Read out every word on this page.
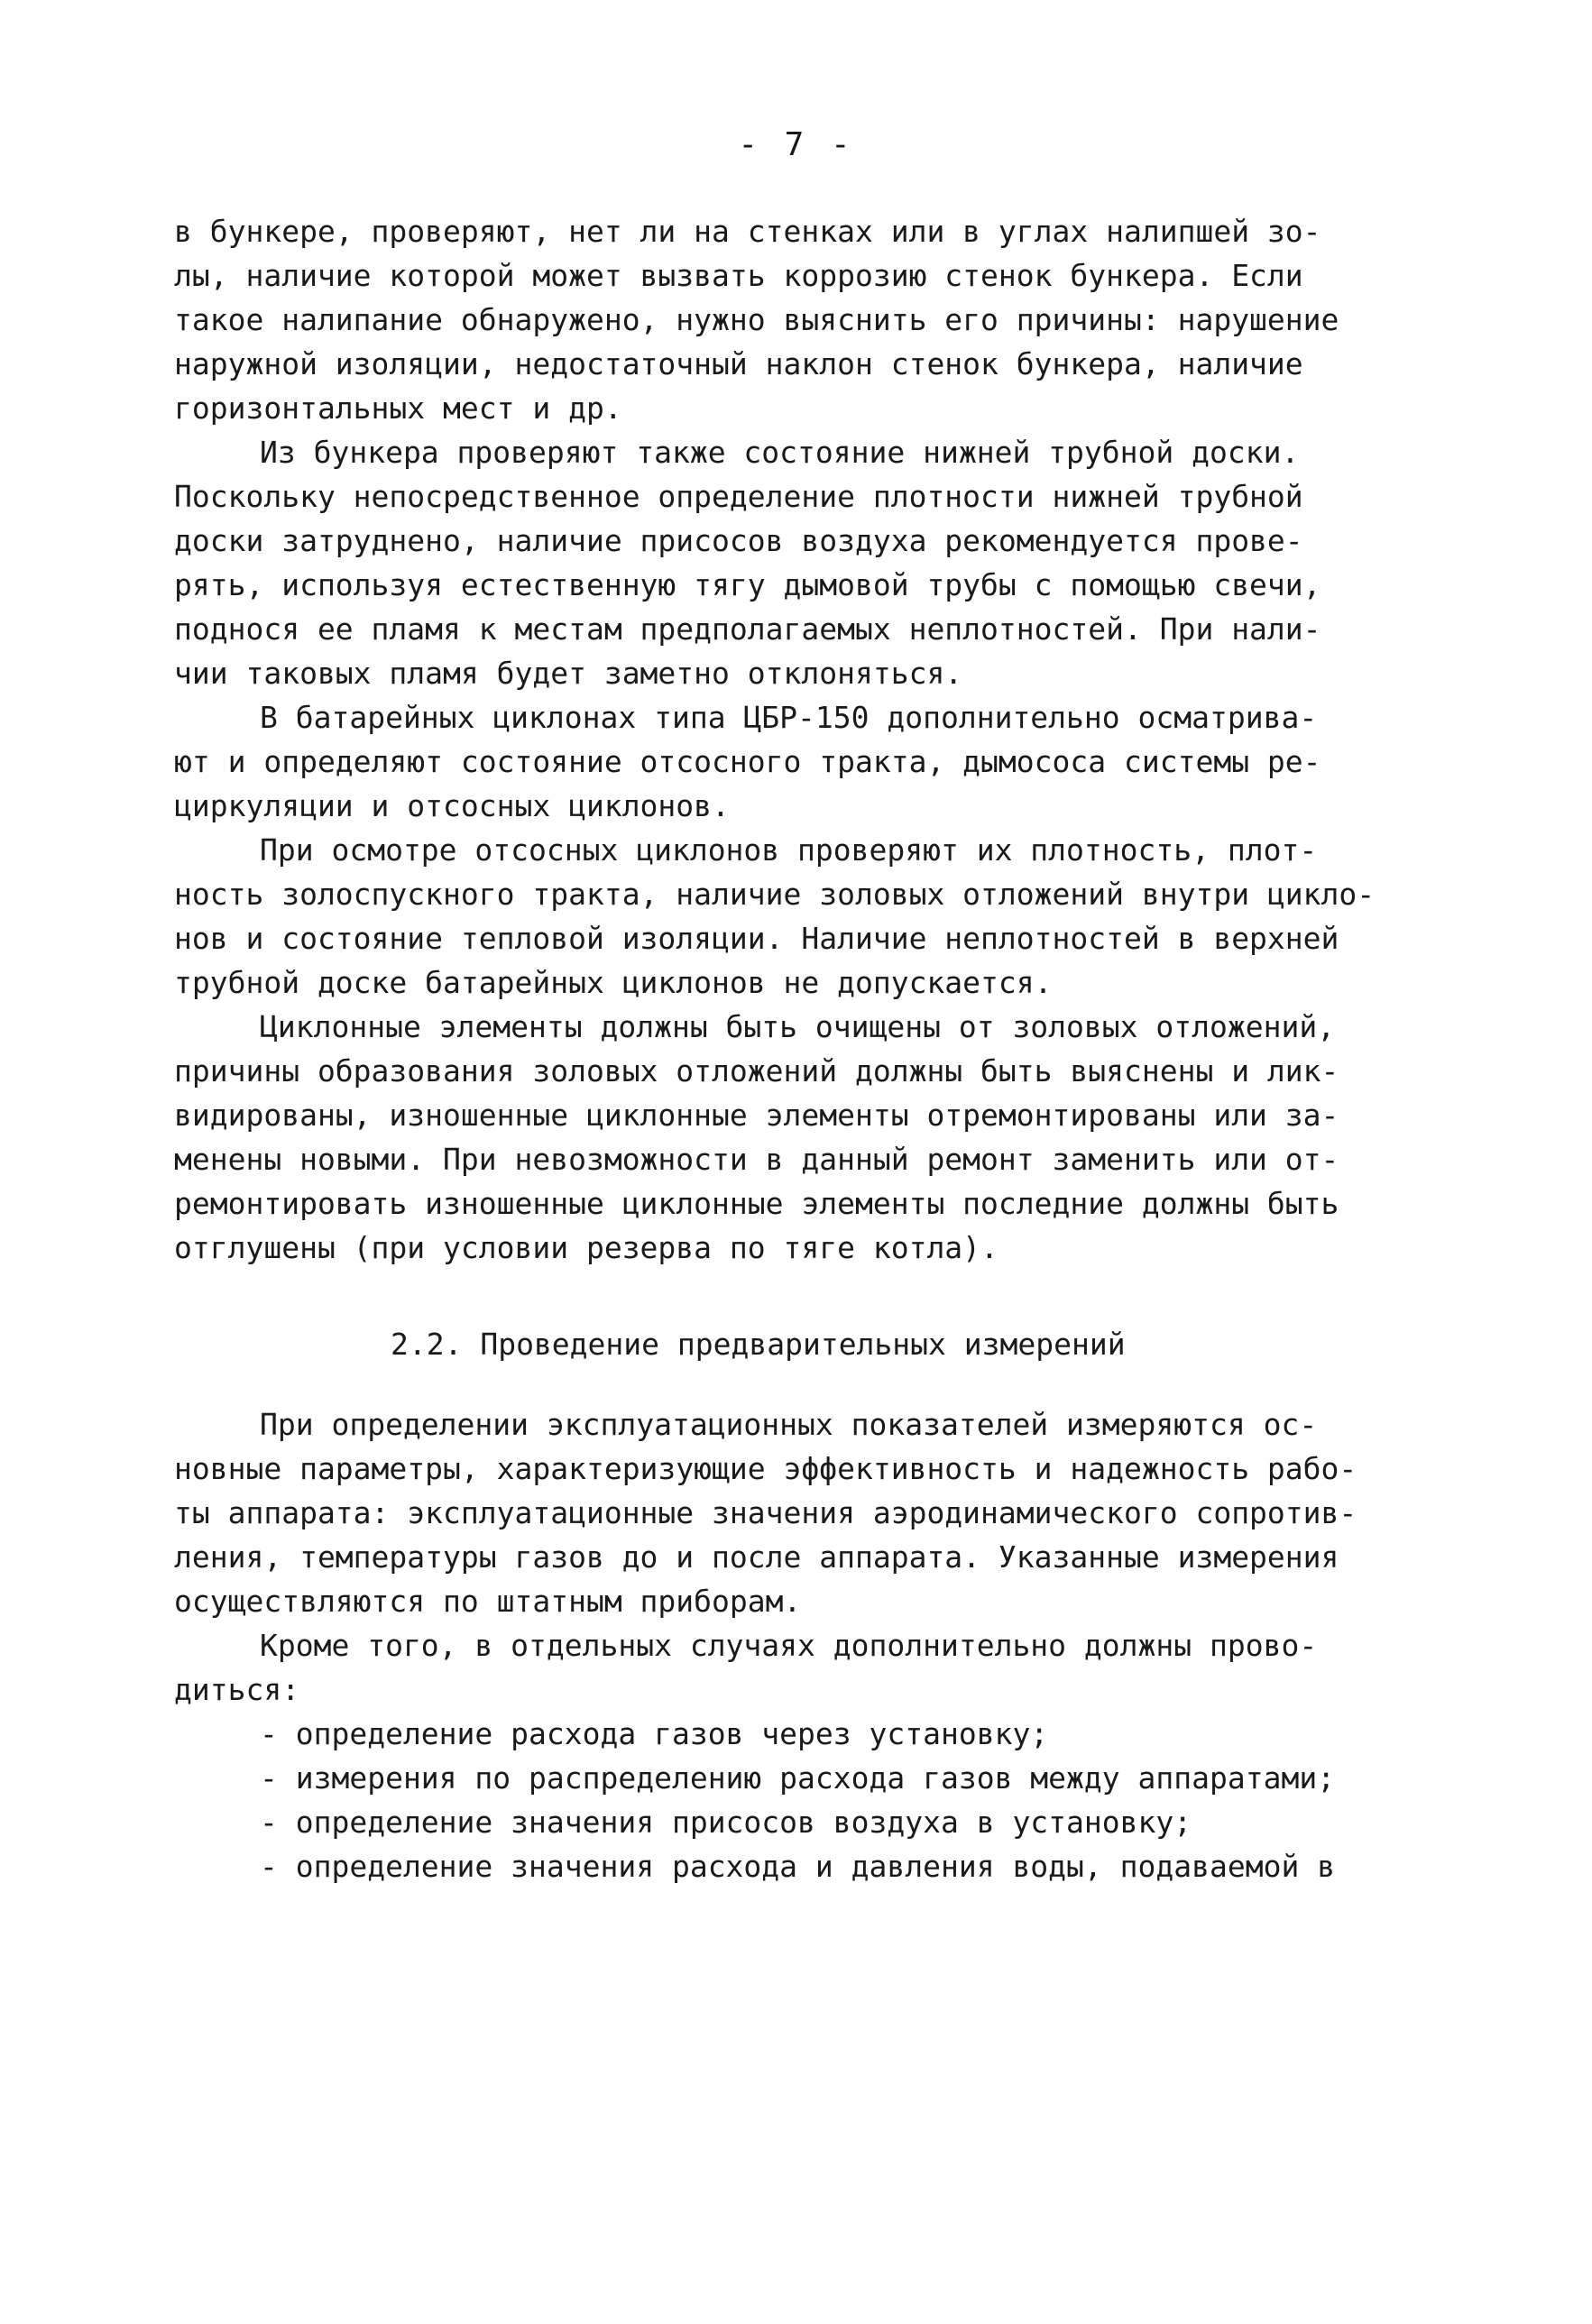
- 7 -
в бункере, проверяют, нет ли на стенках или в углах налипшей зо-
лы, наличие которой может вызвать коррозию стенок бункера. Если
такое налипание обнаружено, нужно выяснить его причины: нарушение
наружной изоляции, недостаточный наклон стенок бункера, наличие
горизонтальных мест и др.
Из бункера проверяют также состояние нижней трубной доски.
Поскольку непосредственное определение плотности нижней трубной
доски затруднено, наличие присосов воздуха рекомендуется прове-
рять, используя естественную тягу дымовой трубы с помощью свечи,
поднося ее пламя к местам предполагаемых неплотностей. При нали-
чии таковых пламя будет заметно отклоняться.
В батарейных циклонах типа ЦБР-150 дополнительно осматрива-
ют и определяют состояние отсосного тракта, дымососа системы ре-
циркуляции и отсосных циклонов.
При осмотре отсосных циклонов проверяют их плотность, плот-
ность золоспускного тракта, наличие золовых отложений внутри цикло-
нов и состояние тепловой изоляции. Наличие неплотностей в верхней
трубной доске батарейных циклонов не допускается.
Циклонные элементы должны быть очищены от золовых отложений,
причины образования золовых отложений должны быть выяснены и лик-
видированы, изношенные циклонные элементы отремонтированы или за-
менены новыми. При невозможности в данный ремонт заменить или от-
ремонтировать изношенные циклонные элементы последние должны быть
отглушены (при условии резерва по тяге котла).
2.2. Проведение предварительных измерений
При определении эксплуатационных показателей измеряются ос-
новные параметры, характеризующие эффективность и надежность рабо-
ты аппарата: эксплуатационные значения аэродинамического сопротив-
ления, температуры газов до и после аппарата. Указанные измерения
осуществляются по штатным приборам.
Кроме того, в отдельных случаях дополнительно должны прово-
диться:
- определение расхода газов через установку;
- измерения по распределению расхода газов между аппаратами;
- определение значения присосов воздуха в установку;
- определение значения расхода и давления воды, подаваемой в
